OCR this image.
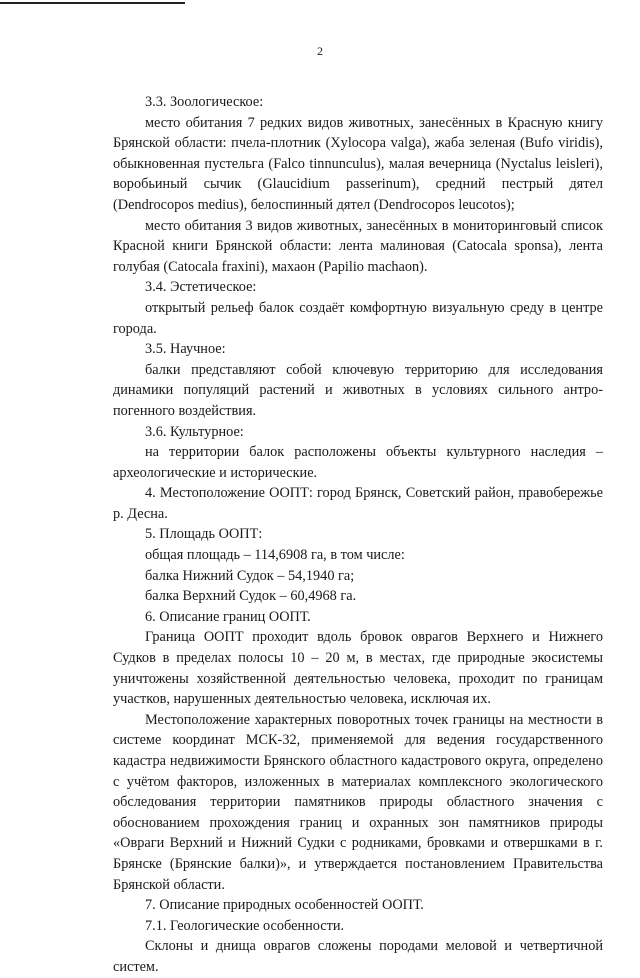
2

3.3. Зоологическое:

место обитания 7 редких видов животных, занесённых в Красную книгу Брянской области: пчела-плотник (Xylocopa valga), жаба зеленая (Bufo viridis), обыкновенная пустельга (Falco tinnunculus), малая вечерница (Nyctalus leisleri), воробьиный сычик (Glaucidium passerinum), средний пестрый дятел (Dendrocopos medius), белоспинный дятел (Dendrocopos leucotos);

место обитания 3 видов животных, занесённых в мониторинговый список Красной книги Брянской области: лента малиновая (Catocala sponsa), лента голубая (Catocala fraxini), махаон (Papilio machaon).

3.4. Эстетическое:

открытый рельеф балок создаёт комфортную визуальную среду в центре города.

3.5. Научное:

балки представляют собой ключевую территорию для исследования динамики популяций растений и животных в условиях сильного антропогенного воздействия.

3.6. Культурное:

на территории балок расположены объекты культурного наследия – археологические и исторические.

4. Местоположение ООПТ: город Брянск, Советский район, правобережье р. Десна.

5. Площадь ООПТ:

общая площадь – 114,6908 га, в том числе:

балка Нижний Судок – 54,1940 га;

балка Верхний Судок – 60,4968 га.

6. Описание границ ООПТ.

Граница ООПТ проходит вдоль бровок оврагов Верхнего и Нижнего Судков в пределах полосы 10 – 20 м, в местах, где природные экосистемы уничтожены хозяйственной деятельностью человека, проходит по границам участков, нарушенных деятельностью человека, исключая их.

Местоположение характерных поворотных точек границы на местности в системе координат МСК-32, применяемой для ведения государственного кадастра недвижимости Брянского областного кадастрового округа, определено с учётом факторов, изложенных в материалах комплексного экологического обследования территории памятников природы областного значения с обоснованием прохождения границ и охранных зон памятников природы «Овраги Верхний и Нижний Судки с родниками, бровками и отвершками в г. Брянске (Брянские балки)», и утверждается постановлением Правительства Брянской области.

7. Описание природных особенностей ООПТ.

7.1. Геологические особенности.

Склоны и днища оврагов сложены породами меловой и четвертичной систем.
